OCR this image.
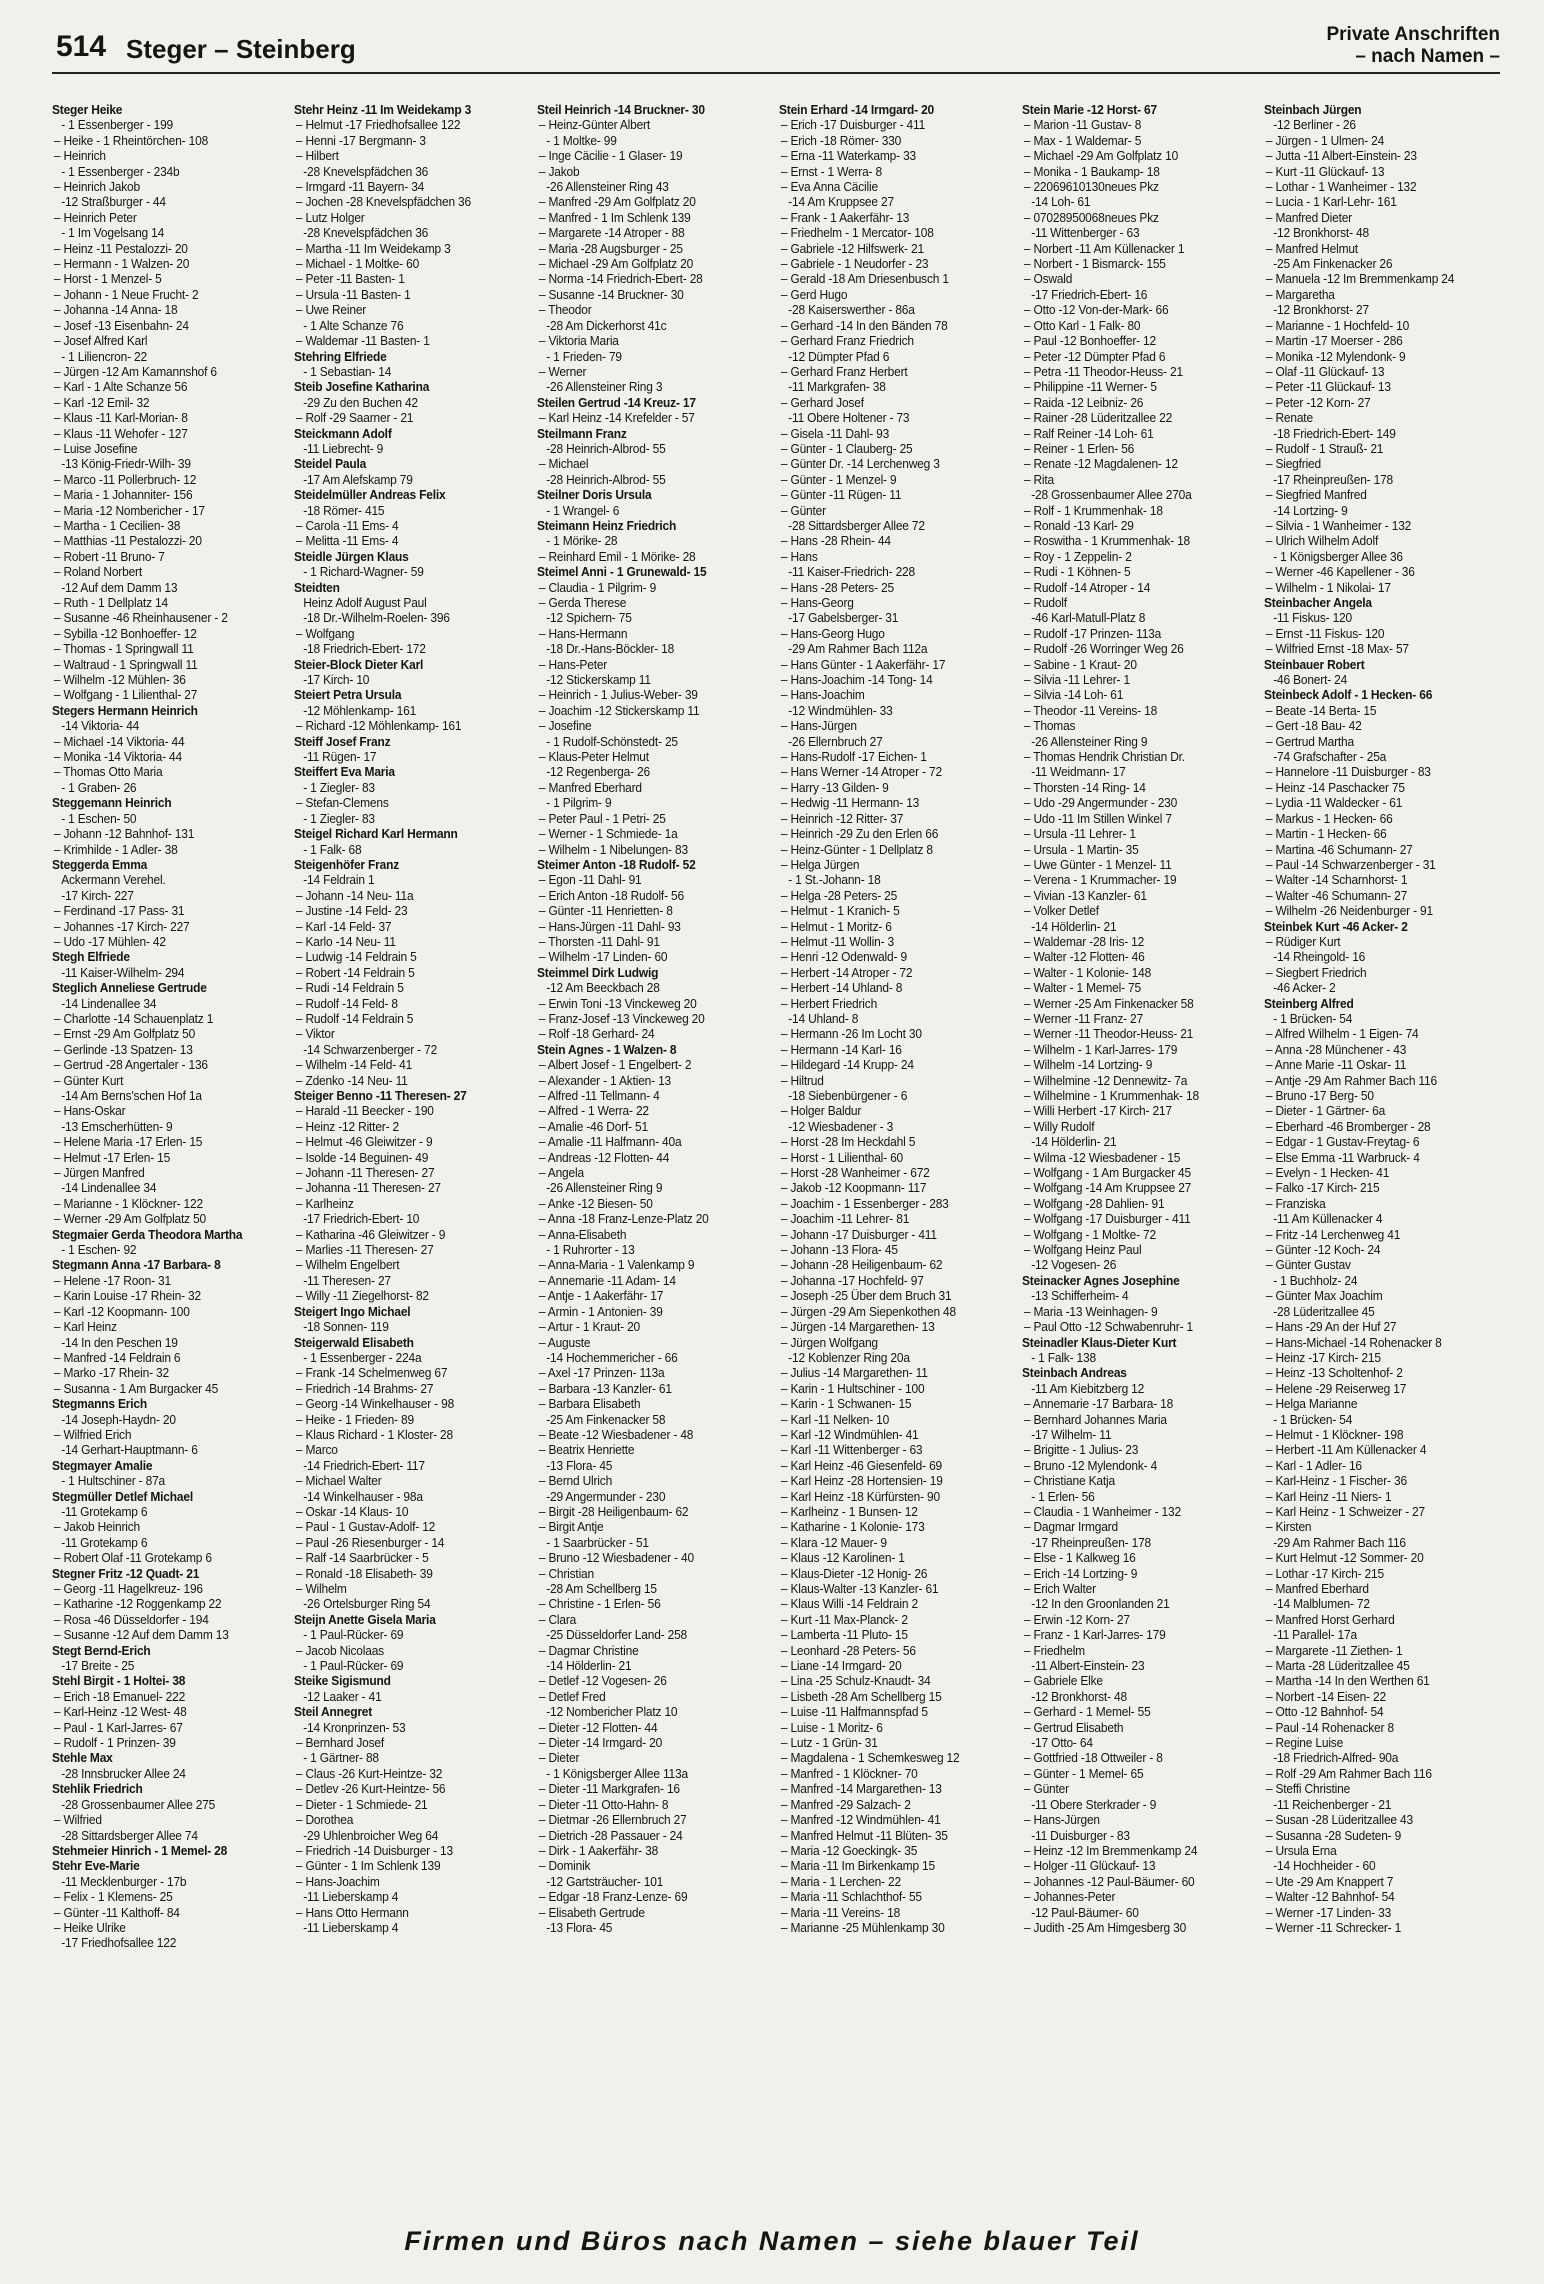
514 Steger – Steinberg	Private Anschriften
– nach Namen –
Steger Heike
- 1 Essenberger - 199
– Heike - 1 Rheintörchen- 108
– Heinrich
- 1 Essenberger - 234b
– Heinrich Jakob
-12 Straßburger - 44
– Heinrich Peter
- 1 Im Vogelsang 14
– Heinz -11 Pestalozzi- 20
– Hermann - 1 Walzen- 20
– Horst - 1 Menzel- 5
– Johann - 1 Neue Frucht- 2
– Johanna -14 Anna- 18
– Josef -13 Eisenbahn- 24
– Josef Alfred Karl
- 1 Liliencron- 22
– Jürgen -12 Am Kamannshof 6
– Karl - 1 Alte Schanze 56
– Karl -12 Emil- 32
– Klaus -11 Karl-Morian- 8
– Klaus -11 Wehofer - 127
– Luise Josefine
-13 König-Friedr-Wilh- 39
– Marco -11 Pollerbruch- 12
– Maria - 1 Johanniter- 156
– Maria -12 Nombericher - 17
– Martha - 1 Cecilien- 38
– Matthias -11 Pestalozzi- 20
– Robert -11 Bruno- 7
– Roland Norbert
-12 Auf dem Damm 13
– Ruth - 1 Dellplatz 14
– Susanne -46 Rheinhausener - 2
– Sybilla -12 Bonhoeffer- 12
– Thomas - 1 Springwall 11
– Waltraud - 1 Springwall 11
– Wilhelm -12 Mühlen- 36
– Wolfgang - 1 Lilienthal- 27
Stegers Hermann Heinrich
-14 Viktoria- 44
– Michael -14 Viktoria- 44
– Monika -14 Viktoria- 44
– Thomas Otto Maria
- 1 Graben- 26
Steggemann Heinrich
- 1 Eschen- 50
– Johann -12 Bahnhof- 131
– Krimhilde - 1 Adler- 38
Steggerda Emma
Ackermann Verehel.
-17 Kirch- 227
– Ferdinand -17 Pass- 31
– Johannes -17 Kirch- 227
– Udo -17 Mühlen- 42
Stegh Elfriede
-11 Kaiser-Wilhelm- 294
Steglich Anneliese Gertrude
-14 Lindenallee 34
– Charlotte -14 Schauenplatz 1
– Ernst -29 Am Golfplatz 50
– Gerlinde -13 Spatzen- 13
– Gertrud -28 Angertaler - 136
– Günter Kurt
-14 Am Berns'schen Hof 1a
– Hans-Oskar
-13 Emscherhütten- 9
– Helene Maria -17 Erlen- 15
– Helmut -17 Erlen- 15
– Jürgen Manfred
-14 Lindenallee 34
– Marianne - 1 Klöckner- 122
– Werner -29 Am Golfplatz 50
Stegmaier Gerda Theodora Martha
- 1 Eschen- 92
Stegmann Anna -17 Barbara- 8
– Helene -17 Roon- 31
– Karin Louise -17 Rhein- 32
– Karl -12 Koopmann- 100
– Karl Heinz
-14 In den Peschen 19
– Manfred -14 Feldrain 6
– Marko -17 Rhein- 32
– Susanna - 1 Am Burgacker 45
Stegmanns Erich
-14 Joseph-Haydn- 20
– Wilfried Erich
-14 Gerhart-Hauptmann- 6
Stegmayer Amalie
- 1 Hultschiner - 87a
Stegmüller Detlef Michael
-11 Grotekamp 6
– Jakob Heinrich
-11 Grotekamp 6
– Robert Olaf -11 Grotekamp 6
Stegner Fritz -12 Quadt- 21
– Georg -11 Hagelkreuz- 196
– Katharine -12 Roggenkamp 22
– Rosa -46 Düsseldorfer - 194
– Susanne -12 Auf dem Damm 13
Stegt Bernd-Erich
-17 Breite - 25
Stehl Birgit - 1 Holtei- 38
– Erich -18 Emanuel- 222
– Karl-Heinz -12 West- 48
– Paul - 1 Karl-Jarres- 67
– Rudolf - 1 Prinzen- 39
Stehle Max
-28 Innsbrucker Allee 24
Stehlik Friedrich
-28 Grossenbaumer Allee 275
– Wilfried
-28 Sittardsberger Allee 74
Stehmeier Hinrich - 1 Memel- 28
Stehr Eve-Marie
-11 Mecklenburger - 17b
– Felix - 1 Klemens- 25
– Günter -11 Kalthoff- 84
– Heike Ulrike
-17 Friedhofsallee 122
Stehr Heinz -11 Im Weidekamp 3
– Helmut -17 Friedhofsallee 122
– Henni -17 Bergmann- 3
– Hilbert
-28 Knevelspfädchen 36
– Irmgard -11 Bayern- 34
– Jochen -28 Knevelspfädchen 36
– Lutz Holger
-28 Knevelspfädchen 36
– Martha -11 Im Weidekamp 3
– Michael - 1 Moltke- 60
– Peter -11 Basten- 1
– Ursula -11 Basten- 1
– Uwe Reiner
- 1 Alte Schanze 76
– Waldemar -11 Basten- 1
Stehring Elfriede
- 1 Sebastian- 14
Steib Josefine Katharina
-29 Zu den Buchen 42
– Rolf -29 Saarner - 21
Steickmann Adolf
-11 Liebrecht- 9
Steidel Paula
-17 Am Alefskamp 79
Steidelmüller Andreas Felix
-18 Römer- 415
– Carola -11 Ems- 4
– Melitta -11 Ems- 4
Steidle Jürgen Klaus
- 1 Richard-Wagner- 59
Steidten
Heinz Adolf August Paul
-18 Dr.-Wilhelm-Roelen- 396
– Wolfgang
-18 Friedrich-Ebert- 172
Steier-Block Dieter Karl
-17 Kirch- 10
Steiert Petra Ursula
-12 Möhlenkamp- 161
– Richard -12 Möhlenkamp- 161
Steiff Josef Franz
-11 Rügen- 17
Steiffert Eva Maria
- 1 Ziegler- 83
– Stefan-Clemens
- 1 Ziegler- 83
Steigel Richard Karl Hermann
- 1 Falk- 68
Steigenhöfer Franz
-14 Feldrain 1
– Johann -14 Neu- 11a
– Justine -14 Feld- 23
– Karl -14 Feld- 37
– Karlo -14 Neu- 11
– Ludwig -14 Feldrain 5
– Robert -14 Feldrain 5
– Rudi -14 Feldrain 5
– Rudolf -14 Feld- 8
– Rudolf -14 Feldrain 5
– Viktor
-14 Schwarzenberger - 72
– Wilhelm -14 Feld- 41
– Zdenko -14 Neu- 11
Steiger Benno -11 Theresen- 27
– Harald -11 Beecker - 190
– Heinz -12 Ritter- 2
– Helmut -46 Gleiwitzer - 9
– Isolde -14 Beguinen- 49
– Johann -11 Theresen- 27
– Johanna -11 Theresen- 27
– Karlheinz
-17 Friedrich-Ebert- 10
– Katharina -46 Gleiwitzer - 9
– Marlies -11 Theresen- 27
– Wilhelm Engelbert
-11 Theresen- 27
– Willy -11 Ziegelhorst- 82
Steigert Ingo Michael
-18 Sonnen- 119
Steigerwald Elisabeth
- 1 Essenberger - 224a
– Frank -14 Schelmenweg 67
– Friedrich -14 Brahms- 27
– Georg -14 Winkelhauser - 98
– Heike - 1 Frieden- 89
– Klaus Richard - 1 Kloster- 28
– Marco
-14 Friedrich-Ebert- 117
– Michael Walter
-14 Winkelhauser - 98a
– Oskar -14 Klaus- 10
– Paul - 1 Gustav-Adolf- 12
– Paul -26 Riesenburger - 14
– Ralf -14 Saarbrücker - 5
– Ronald -18 Elisabeth- 39
– Wilhelm
-26 Ortelsburger Ring 54
Steijn Anette Gisela Maria
- 1 Paul-Rücker- 69
– Jacob Nicolaas
- 1 Paul-Rücker- 69
Steike Sigismund
-12 Laaker - 41
Steil Annegret
-14 Kronprinzen- 53
– Bernhard Josef
- 1 Gärtner- 88
– Claus -26 Kurt-Heintze- 32
– Detlev -26 Kurt-Heintze- 56
– Dieter - 1 Schmiede- 21
– Dorothea
-29 Uhlenbroicher Weg 64
– Friedrich -14 Duisburger - 13
– Günter - 1 Im Schlenk 139
– Hans-Joachim
-11 Lieberskamp 4
– Hans Otto Hermann
-11 Lieberskamp 4
Steil Heinrich -14 Bruckner- 30
– Heinz-Günter Albert
- 1 Moltke- 99
– Inge Cäcilie - 1 Glaser- 19
– Jakob
-26 Allensteiner Ring 43
– Manfred -29 Am Golfplatz 20
– Manfred - 1 Im Schlenk 139
– Margarete -14 Atroper - 88
– Maria -28 Augsburger - 25
– Michael -29 Am Golfplatz 20
– Norma -14 Friedrich-Ebert- 28
– Susanne -14 Bruckner- 30
– Theodor
-28 Am Dickerhorst 41c
– Viktoria Maria
- 1 Frieden- 79
– Werner
-26 Allensteiner Ring 3
Steilen Gertrud -14 Kreuz- 17
– Karl Heinz -14 Krefelder - 57
Steilmann Franz
-28 Heinrich-Albrod- 55
– Michael
-28 Heinrich-Albrod- 55
Steilner Doris Ursula
- 1 Wrangel- 6
Steimann Heinz Friedrich
- 1 Mörike- 28
– Reinhard Emil - 1 Mörike- 28
Steimel Anni - 1 Grunewald- 15
– Claudia - 1 Pilgrim- 9
– Gerda Therese
-12 Spichern- 75
– Hans-Hermann
-18 Dr.-Hans-Böckler- 18
– Hans-Peter
-12 Stickerskamp 11
– Heinrich - 1 Julius-Weber- 39
– Joachim -12 Stickerskamp 11
– Josefine
- 1 Rudolf-Schönstedt- 25
– Klaus-Peter Helmut
-12 Regenberga- 26
– Manfred Eberhard
- 1 Pilgrim- 9
– Peter Paul - 1 Petri- 25
– Werner - 1 Schmiede- 1a
– Wilhelm - 1 Nibelungen- 83
Steimer Anton -18 Rudolf- 52
– Egon -11 Dahl- 91
– Erich Anton -18 Rudolf- 56
– Günter -11 Henrietten- 8
– Hans-Jürgen -11 Dahl- 93
– Thorsten -11 Dahl- 91
– Wilhelm -17 Linden- 60
Steimmel Dirk Ludwig
-12 Am Beeckbach 28
– Erwin Toni -13 Vinckeweg 20
– Franz-Josef -13 Vinckeweg 20
– Rolf -18 Gerhard- 24
Stein Agnes - 1 Walzen- 8
– Albert Josef - 1 Engelbert- 2
– Alexander - 1 Aktien- 13
– Alfred -11 Tellmann- 4
– Alfred - 1 Werra- 22
– Amalie -46 Dorf- 51
– Amalie -11 Halfmann- 40a
– Andreas -12 Flotten- 44
– Angela
-26 Allensteiner Ring 9
– Anke -12 Biesen- 50
– Anna -18 Franz-Lenze-Platz 20
– Anna-Elisabeth
- 1 Ruhrorter - 13
– Anna-Maria - 1 Valenkamp 9
– Annemarie -11 Adam- 14
– Antje - 1 Aakerfähr- 17
– Armin - 1 Antonien- 39
– Artur - 1 Kraut- 20
– Auguste
-14 Hochemmericher - 66
– Axel -17 Prinzen- 113a
– Barbara -13 Kanzler- 61
– Barbara Elisabeth
-25 Am Finkenacker 58
– Beate -12 Wiesbadener - 48
– Beatrix Henriette
-13 Flora- 45
– Bernd Ulrich
-29 Angermunder - 230
– Birgit -28 Heiligenbaum- 62
– Birgit Antje
- 1 Saarbrücker - 51
– Bruno -12 Wiesbadener - 40
– Christian
-28 Am Schellberg 15
– Christine - 1 Erlen- 56
– Clara
-25 Düsseldorfer Land- 258
– Dagmar Christine
-14 Hölderlin- 21
– Detlef -12 Vogesen- 26
– Detlef Fred
-12 Nombericher Platz 10
– Dieter -12 Flotten- 44
– Dieter -14 Irmgard- 20
– Dieter
- 1 Königsberger Allee 113a
– Dieter -11 Markgrafen- 16
– Dieter -11 Otto-Hahn- 8
– Dietmar -26 Ellernbruch 27
– Dietrich -28 Passauer - 24
– Dirk - 1 Aakerfähr- 38
– Dominik
-12 Gartsträucher- 101
– Edgar -18 Franz-Lenze- 69
– Elisabeth Gertrude
-13 Flora- 45
Stein Erhard -14 Irmgard- 20
– Erich -17 Duisburger - 411
– Erich -18 Römer- 330
– Erna -11 Waterkamp- 33
– Ernst - 1 Werra- 8
– Eva Anna Cäcilie
-14 Am Kruppsee 27
– Frank - 1 Aakerfähr- 13
– Friedhelm - 1 Mercator- 108
– Gabriele -12 Hilfswerk- 21
– Gabriele - 1 Neudorfer - 23
– Gerald -18 Am Driesenbusch 1
– Gerd Hugo
-28 Kaiserswerther - 86a
– Gerhard -14 In den Bänden 78
– Gerhard Franz Friedrich
-12 Dümpter Pfad 6
– Gerhard Franz Herbert
-11 Markgrafen- 38
– Gerhard Josef
-11 Obere Holtener - 73
– Gisela -11 Dahl- 93
– Günter - 1 Clauberg- 25
– Günter Dr. -14 Lerchenweg 3
– Günter - 1 Menzel- 9
– Günter -11 Rügen- 11
– Günter
-28 Sittardsberger Allee 72
– Hans -28 Rhein- 44
– Hans
-11 Kaiser-Friedrich- 228
– Hans -28 Peters- 25
– Hans-Georg
-17 Gabelsberger- 31
– Hans-Georg Hugo
-29 Am Rahmer Bach 112a
– Hans Günter - 1 Aakerfähr- 17
– Hans-Joachim -14 Tong- 14
– Hans-Joachim
-12 Windmühlen- 33
– Hans-Jürgen
-26 Ellernbruch 27
– Hans-Rudolf -17 Eichen- 1
– Hans Werner -14 Atroper - 72
– Harry -13 Gilden- 9
– Hedwig -11 Hermann- 13
– Heinrich -12 Ritter- 37
– Heinrich -29 Zu den Erlen 66
– Heinz-Günter - 1 Dellplatz 8
– Helga Jürgen
- 1 St.-Johann- 18
– Helga -28 Peters- 25
– Helmut - 1 Kranich- 5
– Helmut - 1 Moritz- 6
– Helmut -11 Wollin- 3
– Henri -12 Odenwald- 9
– Herbert -14 Atroper - 72
– Herbert -14 Uhland- 8
– Herbert Friedrich
-14 Uhland- 8
– Hermann -26 Im Locht 30
– Hermann -14 Karl- 16
– Hildegard -14 Krupp- 24
– Hiltrud
-18 Siebenbürgener - 6
– Holger Baldur
-12 Wiesbadener - 3
– Horst -28 Im Heckdahl 5
– Horst - 1 Lilienthal- 60
– Horst -28 Wanheimer - 672
– Jakob -12 Koopmann- 117
– Joachim - 1 Essenberger - 283
– Joachim -11 Lehrer- 81
– Johann -17 Duisburger - 411
– Johann -13 Flora- 45
– Johann -28 Heiligenbaum- 62
– Johanna -17 Hochfeld- 97
– Joseph -25 Über dem Bruch 31
– Jürgen -29 Am Siepenkothen 48
– Jürgen -14 Margarethen- 13
– Jürgen Wolfgang
-12 Koblenzer Ring 20a
– Julius -14 Margarethen- 11
– Karin - 1 Hultschiner - 100
– Karin - 1 Schwanen- 15
– Karl -11 Nelken- 10
– Karl -12 Windmühlen- 41
– Karl -11 Wittenberger - 63
– Karl Heinz -46 Giesenfeld- 69
– Karl Heinz -28 Hortensien- 19
– Karl Heinz -18 Kürfürsten- 90
– Karlheinz - 1 Bunsen- 12
– Katharine - 1 Kolonie- 173
– Klara -12 Mauer- 9
– Klaus -12 Karolinen- 1
– Klaus-Dieter -12 Honig- 26
– Klaus-Walter -13 Kanzler- 61
– Klaus Willi -14 Feldrain 2
– Kurt -11 Max-Planck- 2
– Lamberta -11 Pluto- 15
– Leonhard -28 Peters- 56
– Liane -14 Irmgard- 20
– Lina -25 Schulz-Knaudt- 34
– Lisbeth -28 Am Schellberg 15
– Luise -11 Halfmannspfad 5
– Luise - 1 Moritz- 6
– Lutz - 1 Grün- 31
– Magdalena - 1 Schemkesweg 12
– Manfred - 1 Klöckner- 70
– Manfred -14 Margarethen- 13
– Manfred -29 Salzach- 2
– Manfred -12 Windmühlen- 41
– Manfred Helmut -11 Blüten- 35
– Maria -12 Goeckingk- 35
– Maria -11 Im Birkenkamp 15
– Maria - 1 Lerchen- 22
– Maria -11 Schlachthof- 55
– Maria -11 Vereins- 18
– Marianne -25 Mühlenkamp 30
Stein Marie -12 Horst- 67
– Marion -11 Gustav- 8
– Max - 1 Waldemar- 5
– Michael -29 Am Golfplatz 10
– Monika - 1 Baukamp- 18
– 22069610130neues Pkz
-14 Loh- 61
– 07028950068neues Pkz
-11 Wittenberger - 63
– Norbert -11 Am Küllenacker 1
– Norbert - 1 Bismarck- 155
– Oswald
-17 Friedrich-Ebert- 16
– Otto -12 Von-der-Mark- 66
– Otto Karl - 1 Falk- 80
– Paul -12 Bonhoeffer- 12
– Peter -12 Dümpter Pfad 6
– Petra -11 Theodor-Heuss- 21
– Philippine -11 Werner- 5
– Raida -12 Leibniz- 26
– Rainer -28 Lüderitzallee 22
– Ralf Reiner -14 Loh- 61
– Reiner - 1 Erlen- 56
– Renate -12 Magdalenen- 12
– Rita
-28 Grossenbaumer Allee 270a
– Rolf - 1 Krummenhak- 18
– Ronald -13 Karl- 29
– Roswitha - 1 Krummenhak- 18
– Roy - 1 Zeppelin- 2
– Rudi - 1 Köhnen- 5
– Rudolf -14 Atroper - 14
– Rudolf
-46 Karl-Matull-Platz 8
– Rudolf -17 Prinzen- 113a
– Rudolf -26 Worringer Weg 26
– Sabine - 1 Kraut- 20
– Silvia -11 Lehrer- 1
– Silvia -14 Loh- 61
– Theodor -11 Vereins- 18
– Thomas
-26 Allensteiner Ring 9
– Thomas Hendrik Christian Dr.
-11 Weidmann- 17
– Thorsten -14 Ring- 14
– Udo -29 Angermunder - 230
– Udo -11 Im Stillen Winkel 7
– Ursula -11 Lehrer- 1
– Ursula - 1 Martin- 35
– Uwe Günter - 1 Menzel- 11
– Verena - 1 Krummacher- 19
– Vivian -13 Kanzler- 61
– Volker Detlef
-14 Hölderlin- 21
– Waldemar -28 Iris- 12
– Walter -12 Flotten- 46
– Walter - 1 Kolonie- 148
– Walter - 1 Memel- 75
– Werner -25 Am Finkenacker 58
– Werner -11 Franz- 27
– Werner -11 Theodor-Heuss- 21
– Wilhelm - 1 Karl-Jarres- 179
– Wilhelm -14 Lortzing- 9
– Wilhelmine -12 Dennewitz- 7a
– Wilhelmine - 1 Krummenhak- 18
– Willi Herbert -17 Kirch- 217
– Willy Rudolf
-14 Hölderlin- 21
– Wilma -12 Wiesbadener - 15
– Wolfgang - 1 Am Burgacker 45
– Wolfgang -14 Am Kruppsee 27
– Wolfgang -28 Dahlien- 91
– Wolfgang -17 Duisburger - 411
– Wolfgang - 1 Moltke- 72
– Wolfgang Heinz Paul
-12 Vogesen- 26
Steinacker Agnes Josephine
-13 Schifferheim- 4
– Maria -13 Weinhagen- 9
– Paul Otto -12 Schwabenruhr- 1
Steinadler Klaus-Dieter Kurt
- 1 Falk- 138
Steinbach Andreas
-11 Am Kiebitzberg 12
– Annemarie -17 Barbara- 18
– Bernhard Johannes Maria
-17 Wilhelm- 11
– Brigitte - 1 Julius- 23
– Bruno -12 Mylendonk- 4
– Christiane Katja
- 1 Erlen- 56
– Claudia - 1 Wanheimer - 132
– Dagmar Irmgard
-17 Rheinpreußen- 178
– Else - 1 Kalkweg 16
– Erich -14 Lortzing- 9
– Erich Walter
-12 In den Groonlanden 21
– Erwin -12 Korn- 27
– Franz - 1 Karl-Jarres- 179
– Friedhelm
-11 Albert-Einstein- 23
– Gabriele Elke
-12 Bronkhorst- 48
– Gerhard - 1 Memel- 55
– Gertrud Elisabeth
-17 Otto- 64
– Gottfried -18 Ottweiler - 8
– Günter - 1 Memel- 65
– Günter
-11 Obere Sterkrader - 9
– Hans-Jürgen
-11 Duisburger - 83
– Heinz -12 Im Bremmenkamp 24
– Holger -11 Glückauf- 13
– Johannes -12 Paul-Bäumer- 60
– Johannes-Peter
-12 Paul-Bäumer- 60
– Judith -25 Am Himgesberg 30
Steinbach Jürgen
-12 Berliner - 26
– Jürgen - 1 Ulmen- 24
– Jutta -11 Albert-Einstein- 23
– Kurt -11 Glückauf- 13
– Lothar - 1 Wanheimer - 132
– Lucia - 1 Karl-Lehr- 161
– Manfred Dieter
-12 Bronkhorst- 48
– Manfred Helmut
-25 Am Finkenacker 26
– Manuela -12 Im Bremmenkamp 24
– Margaretha
-12 Bronkhorst- 27
– Marianne - 1 Hochfeld- 10
– Martin -17 Moerser - 286
– Monika -12 Mylendonk- 9
– Olaf -11 Glückauf- 13
– Peter -11 Glückauf- 13
– Peter -12 Korn- 27
– Renate
-18 Friedrich-Ebert- 149
– Rudolf - 1 Strauß- 21
– Siegfried
-17 Rheinpreußen- 178
– Siegfried Manfred
-14 Lortzing- 9
– Silvia - 1 Wanheimer - 132
– Ulrich Wilhelm Adolf
- 1 Königsberger Allee 36
– Werner -46 Kapellener - 36
– Wilhelm - 1 Nikolai- 17
Steinbacher Angela
-11 Fiskus- 120
– Ernst -11 Fiskus- 120
– Wilfried Ernst -18 Max- 57
Steinbauer Robert
-46 Bonert- 24
Steinbeck Adolf - 1 Hecken- 66
– Beate -14 Berta- 15
– Gert -18 Bau- 42
– Gertrud Martha
-74 Grafschafter - 25a
– Hannelore -11 Duisburger - 83
– Heinz -14 Paschacker 75
– Lydia -11 Waldecker - 61
– Markus - 1 Hecken- 66
– Martin - 1 Hecken- 66
– Martina -46 Schumann- 27
– Paul -14 Schwarzenberger - 31
– Walter -14 Scharnhorst- 1
– Walter -46 Schumann- 27
– Wilhelm -26 Neidenburger - 91
Steinbek Kurt -46 Acker- 2
– Rüdiger Kurt
-14 Rheingold- 16
– Siegbert Friedrich
-46 Acker- 2
Steinberg Alfred
- 1 Brücken- 54
– Alfred Wilhelm - 1 Eigen- 74
– Anna -28 Münchener - 43
– Anne Marie -11 Oskar- 11
– Antje -29 Am Rahmer Bach 116
– Bruno -17 Berg- 50
– Dieter - 1 Gärtner- 6a
– Eberhard -46 Bromberger - 28
– Edgar - 1 Gustav-Freytag- 6
– Else Emma -11 Warbruck- 4
– Evelyn - 1 Hecken- 41
– Falko -17 Kirch- 215
– Franziska
-11 Am Küllenacker 4
– Fritz -14 Lerchenweg 41
– Günter -12 Koch- 24
– Günter Gustav
- 1 Buchholz- 24
– Günter Max Joachim
-28 Lüderitzallee 45
– Hans -29 An der Huf 27
– Hans-Michael -14 Rohenacker 8
– Heinz -17 Kirch- 215
– Heinz -13 Scholtenhof- 2
– Helene -29 Reiserweg 17
– Helga Marianne
- 1 Brücken- 54
– Helmut - 1 Klöckner- 198
– Herbert -11 Am Küllenacker 4
– Karl - 1 Adler- 16
– Karl-Heinz - 1 Fischer- 36
– Karl Heinz -11 Niers- 1
– Karl Heinz - 1 Schweizer - 27
– Kirsten
-29 Am Rahmer Bach 116
– Kurt Helmut -12 Sommer- 20
– Lothar -17 Kirch- 215
– Manfred Eberhard
-14 Malblumen- 72
– Manfred Horst Gerhard
-11 Parallel- 17a
– Margarete -11 Ziethen- 1
– Marta -28 Lüderitzallee 45
– Martha -14 In den Werthen 61
– Norbert -14 Eisen- 22
– Otto -12 Bahnhof- 54
– Paul -14 Rohenacker 8
– Regine Luise
-18 Friedrich-Alfred- 90a
– Rolf -29 Am Rahmer Bach 116
– Steffi Christine
-11 Reichenberger - 21
– Susan -28 Lüderitzallee 43
– Susanna -28 Sudeten- 9
– Ursula Erna
-14 Hochheider - 60
– Ute -29 Am Knappert 7
– Walter -12 Bahnhof- 54
– Werner -17 Linden- 33
– Werner -11 Schrecker- 1
Firmen und Büros nach Namen – siehe blauer Teil
